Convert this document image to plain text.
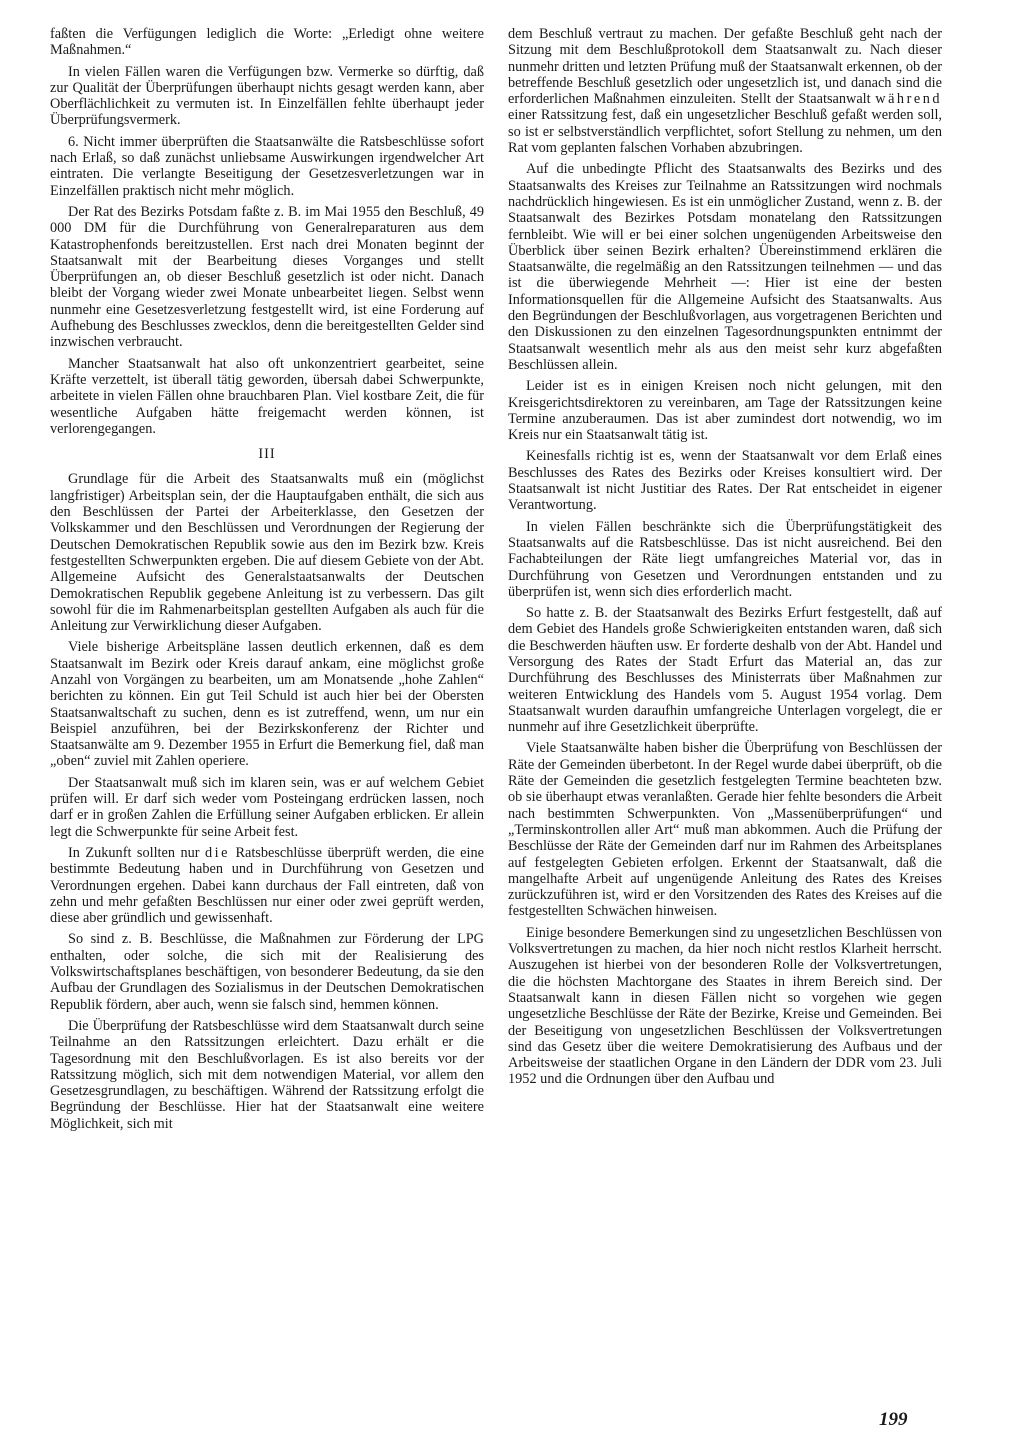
faßten die Verfügungen lediglich die Worte: „Erledigt ohne weitere Maßnahmen.“

In vielen Fällen waren die Verfügungen bzw. Vermerke so dürftig, daß zur Qualität der Überprüfungen überhaupt nichts gesagt werden kann, aber Oberflächlichkeit zu vermuten ist. In Einzelfällen fehlte überhaupt jeder Überprüfungsvermerk.

6. Nicht immer überprüften die Staatsanwälte die Ratsbeschlüsse sofort nach Erlaß, so daß zunächst unliebsame Auswirkungen irgendwelcher Art eintraten. Die verlangte Beseitigung der Gesetzesverletzungen war in Einzelfällen praktisch nicht mehr möglich.

Der Rat des Bezirks Potsdam faßte z. B. im Mai 1955 den Beschluß, 49 000 DM für die Durchführung von Generalreparaturen aus dem Katastrophenfonds bereitzustellen. Erst nach drei Monaten beginnt der Staatsanwalt mit der Bearbeitung dieses Vorganges und stellt Überprüfungen an, ob dieser Beschluß gesetzlich ist oder nicht. Danach bleibt der Vorgang wieder zwei Monate unbearbeitet liegen. Selbst wenn nunmehr eine Gesetzesverletzung festgestellt wird, ist eine Forderung auf Aufhebung des Beschlusses zwecklos, denn die bereitgestellten Gelder sind inzwischen verbraucht.

Mancher Staatsanwalt hat also oft unkonzentriert gearbeitet, seine Kräfte verzettelt, ist überall tätig geworden, übersah dabei Schwerpunkte, arbeitete in vielen Fällen ohne brauchbaren Plan. Viel kostbare Zeit, die für wesentliche Aufgaben hätte freigemacht werden können, ist verlorengegangen.

III

Grundlage für die Arbeit des Staatsanwalts muß ein (möglichst langfristiger) Arbeitsplan sein, der die Hauptaufgaben enthält, die sich aus den Beschlüssen der Partei der Arbeiterklasse, den Gesetzen der Volkskammer und den Beschlüssen und Verordnungen der Regierung der Deutschen Demokratischen Republik sowie aus den im Bezirk bzw. Kreis festgestellten Schwerpunkten ergeben. Die auf diesem Gebiete von der Abt. Allgemeine Aufsicht des Generalstaatsanwalts der Deutschen Demokratischen Republik gegebene Anleitung ist zu verbessern. Das gilt sowohl für die im Rahmenarbeitsplan gestellten Aufgaben als auch für die Anleitung zur Verwirklichung dieser Aufgaben.

Viele bisherige Arbeitspläne lassen deutlich erkennen, daß es dem Staatsanwalt im Bezirk oder Kreis darauf ankam, eine möglichst große Anzahl von Vorgängen zu bearbeiten, um am Monatsende „hohe Zahlen“ berichten zu können. Ein gut Teil Schuld ist auch hier bei der Obersten Staatsanwaltschaft zu suchen, denn es ist zutreffend, wenn, um nur ein Beispiel anzuführen, bei der Bezirkskonferenz der Richter und Staatsanwälte am 9. Dezember 1955 in Erfurt die Bemerkung fiel, daß man „oben“ zuviel mit Zahlen operiere.

Der Staatsanwalt muß sich im klaren sein, was er auf welchem Gebiet prüfen will. Er darf sich weder vom Posteingang erdrücken lassen, noch darf er in großen Zahlen die Erfüllung seiner Aufgaben erblicken. Er allein legt die Schwerpunkte für seine Arbeit fest.

In Zukunft sollten nur die Ratsbeschlüsse überprüft werden, die eine bestimmte Bedeutung haben und in Durchführung von Gesetzen und Verordnungen ergehen. Dabei kann durchaus der Fall eintreten, daß von zehn und mehr gefaßten Beschlüssen nur einer oder zwei geprüft werden, diese aber gründlich und gewissenhaft.

So sind z. B. Beschlüsse, die Maßnahmen zur Förderung der LPG enthalten, oder solche, die sich mit der Realisierung des Volkswirtschaftsplanes beschäftigen, von besonderer Bedeutung, da sie den Aufbau der Grundlagen des Sozialismus in der Deutschen Demokratischen Republik fördern, aber auch, wenn sie falsch sind, hemmen können.

Die Überprüfung der Ratsbeschlüsse wird dem Staatsanwalt durch seine Teilnahme an den Ratssitzungen erleichtert. Dazu erhält er die Tagesordnung mit den Beschlußvorlagen. Es ist also bereits vor der Ratssitzung möglich, sich mit dem notwendigen Material, vor allem den Gesetzesgrundlagen, zu beschäftigen. Während der Ratssitzung erfolgt die Begründung der Beschlüsse. Hier hat der Staatsanwalt eine weitere Möglichkeit, sich mit

dem Beschluß vertraut zu machen. Der gefaßte Beschluß geht nach der Sitzung mit dem Beschlußprotokoll dem Staatsanwalt zu. Nach dieser nunmehr dritten und letzten Prüfung muß der Staatsanwalt erkennen, ob der betreffende Beschluß gesetzlich oder ungesetzlich ist, und danach sind die erforderlichen Maßnahmen einzuleiten. Stellt der Staatsanwalt während einer Ratssitzung fest, daß ein ungesetzlicher Beschluß gefaßt werden soll, so ist er selbstverständlich verpflichtet, sofort Stellung zu nehmen, um den Rat vom geplanten falschen Vorhaben abzubringen.

Auf die unbedingte Pflicht des Staatsanwalts des Bezirks und des Staatsanwalts des Kreises zur Teilnahme an Ratssitzungen wird nochmals nachdrücklich hingewiesen. Es ist ein unmöglicher Zustand, wenn z. B. der Staatsanwalt des Bezirkes Potsdam monatelang den Ratssitzungen fernbleibt. Wie will er bei einer solchen ungenügenden Arbeitsweise den Überblick über seinen Bezirk erhalten? Übereinstimmend erklären die Staatsanwälte, die regelmäßig an den Ratssitzungen teilnehmen — und das ist die überwiegende Mehrheit —: Hier ist eine der besten Informationsquellen für die Allgemeine Aufsicht des Staatsanwalts. Aus den Begründungen der Beschlußvorlagen, aus vorgetragenen Berichten und den Diskussionen zu den einzelnen Tagesordnungspunkten entnimmt der Staatsanwalt wesentlich mehr als aus den meist sehr kurz abgefaßten Beschlüssen allein.

Leider ist es in einigen Kreisen noch nicht gelungen, mit den Kreisgerichtsdirektoren zu vereinbaren, am Tage der Ratssitzungen keine Termine anzuberaumen. Das ist aber zumindest dort notwendig, wo im Kreis nur ein Staatsanwalt tätig ist.

Keinesfalls richtig ist es, wenn der Staatsanwalt vor dem Erlaß eines Beschlusses des Rates des Bezirks oder Kreises konsultiert wird. Der Staatsanwalt ist nicht Justitiar des Rates. Der Rat entscheidet in eigener Verantwortung.

In vielen Fällen beschränkte sich die Überprüfungstätigkeit des Staatsanwalts auf die Ratsbeschlüsse. Das ist nicht ausreichend. Bei den Fachabteilungen der Räte liegt umfangreiches Material vor, das in Durchführung von Gesetzen und Verordnungen entstanden und zu überprüfen ist, wenn sich dies erforderlich macht.

So hatte z. B. der Staatsanwalt des Bezirks Erfurt festgestellt, daß auf dem Gebiet des Handels große Schwierigkeiten entstanden waren, daß sich die Beschwerden häuften usw. Er forderte deshalb von der Abt. Handel und Versorgung des Rates der Stadt Erfurt das Material an, das zur Durchführung des Beschlusses des Ministerrats über Maßnahmen zur weiteren Entwicklung des Handels vom 5. August 1954 vorlag. Dem Staatsanwalt wurden daraufhin umfangreiche Unterlagen vorgelegt, die er nunmehr auf ihre Gesetzlichkeit überprüfte.

Viele Staatsanwälte haben bisher die Überprüfung von Beschlüssen der Räte der Gemeinden überbetont. In der Regel wurde dabei überprüft, ob die Räte der Gemeinden die gesetzlich festgelegten Termine beachteten bzw. ob sie überhaupt etwas veranlaßten. Gerade hier fehlte besonders die Arbeit nach bestimmten Schwerpunkten. Von „Massenüberprüfungen“ und „Terminskontrollen aller Art“ muß man abkommen. Auch die Prüfung der Beschlüsse der Räte der Gemeinden darf nur im Rahmen des Arbeitsplanes auf festgelegten Gebieten erfolgen. Erkennt der Staatsanwalt, daß die mangelhafte Arbeit auf ungenügende Anleitung des Rates des Kreises zurückzuführen ist, wird er den Vorsitzenden des Rates des Kreises auf die festgestellten Schwächen hinweisen.

Einige besondere Bemerkungen sind zu ungesetzlichen Beschlüssen von Volksvertretungen zu machen, da hier noch nicht restlos Klarheit herrscht. Auszugehen ist hierbei von der besonderen Rolle der Volksvertretungen, die die höchsten Machtorgane des Staates in ihrem Bereich sind. Der Staatsanwalt kann in diesen Fällen nicht so vorgehen wie gegen ungesetzliche Beschlüsse der Räte der Bezirke, Kreise und Gemeinden. Bei der Beseitigung von ungesetzlichen Beschlüssen der Volksvertretungen sind das Gesetz über die weitere Demokratisierung des Aufbaus und der Arbeitsweise der staatlichen Organe in den Ländern der DDR vom 23. Juli 1952 und die Ordnungen über den Aufbau und

199
